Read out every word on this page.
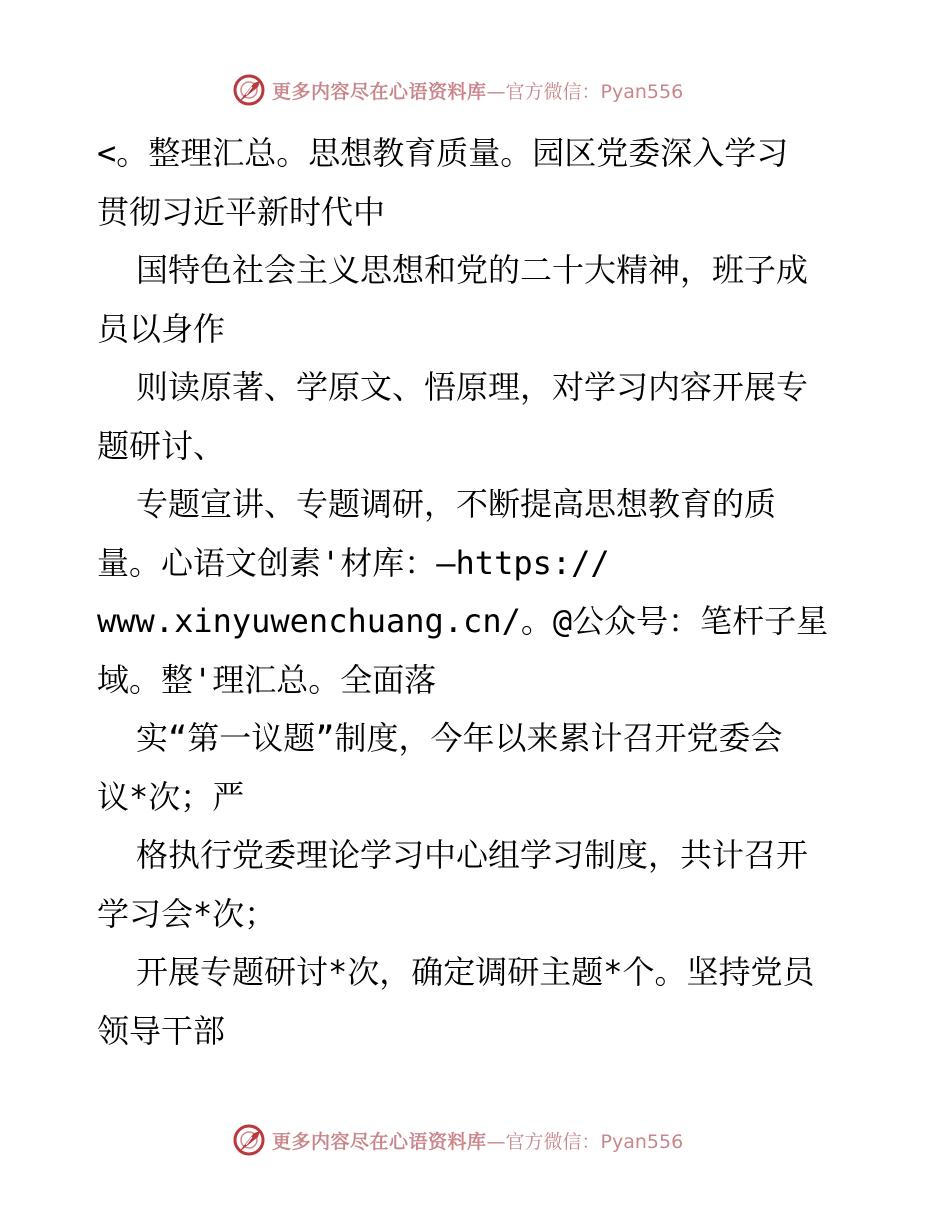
更多内容尽在心语资料库 —官方微信：Pyan556
<。整理汇总。思想教育质量。园区党委深入学习
贯彻习近平新时代中
国特色社会主义思想和党的二十大精神，班子成
员以身作
则读原著、学原文、悟原理，对学习内容开展专
题研讨、
专题宣讲、专题调研，不断提高思想教育的质
量。心语文创素'材库：—https://
www.xinyuwenchuang.cn/。@公众号：笔杆子星
域。整'理汇总。全面落
实“第一议题”制度，今年以来累计召开党委会
议*次；严
格执行党委理论学习中心组学习制度，共计召开
学习会*次；
开展专题研讨*次，确定调研主题*个。坚持党员
领导干部
更多内容尽在心语资料库 —官方微信：Pyan556
